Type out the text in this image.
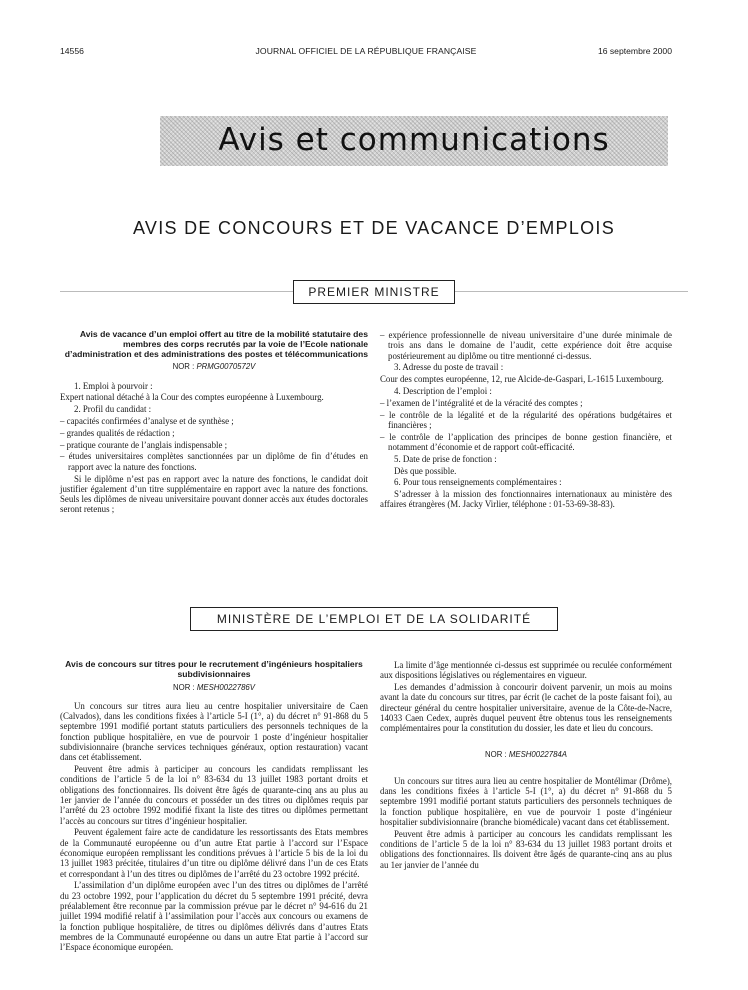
14556	JOURNAL OFFICIEL DE LA RÉPUBLIQUE FRANÇAISE	16 septembre 2000
Avis et communications
AVIS DE CONCOURS ET DE VACANCE D’EMPLOIS
PREMIER MINISTRE

Avis de vacance d’un emploi offert au titre de la mobilité statutaire des membres des corps recrutés par la voie de l’Ecole nationale d’administration et des administrations des postes et télécommunications

NOR : PRMG0070572V

1. Emploi à pourvoir :

Expert national détaché à la Cour des comptes européenne à Luxembourg.

2. Profil du candidat :

– capacités confirmées d’analyse et de synthèse ;

– grandes qualités de rédaction ;

– pratique courante de l’anglais indispensable ;

– études universitaires complètes sanctionnées par un diplôme de fin d’études en rapport avec la nature des fonctions.

Si le diplôme n’est pas en rapport avec la nature des fonctions, le candidat doit justifier également d’un titre supplémentaire en rapport avec la nature des fonctions. Seuls les diplômes de niveau universitaire pouvant donner accès aux études doctorales seront retenus ;

– expérience professionnelle de niveau universitaire d’une durée minimale de trois ans dans le domaine de l’audit, cette expérience doit être acquise postérieurement au diplôme ou titre mentionné ci-dessus.

3. Adresse du poste de travail :

Cour des comptes européenne, 12, rue Alcide-de-Gaspari, L-1615 Luxembourg.

4. Description de l’emploi :

– l’examen de l’intégralité et de la véracité des comptes ;

– le contrôle de la légalité et de la régularité des opérations budgétaires et financières ;

– le contrôle de l’application des principes de bonne gestion financière, et notamment d’économie et de rapport coût-efficacité.

5. Date de prise de fonction :

Dès que possible.

6. Pour tous renseignements complémentaires :

S’adresser à la mission des fonctionnaires internationaux au ministère des affaires étrangères (M. Jacky Virlier, téléphone : 01-53-69-38-83).

MINISTÈRE DE L’EMPLOI ET DE LA SOLIDARITÉ

Avis de concours sur titres pour le recrutement d’ingénieurs hospitaliers subdivisionnaires

NOR : MESH0022786V

Un concours sur titres aura lieu au centre hospitalier universitaire de Caen (Calvados), dans les conditions fixées à l’article 5-I (1°, a) du décret n° 91-868 du 5 septembre 1991 modifié portant statuts particuliers des personnels techniques de la fonction publique hospitalière, en vue de pourvoir 1 poste d’ingénieur hospitalier subdivisionnaire (branche services techniques généraux, option restauration) vacant dans cet établissement.

Peuvent être admis à participer au concours les candidats remplissant les conditions de l’article 5 de la loi n° 83-634 du 13 juillet 1983 portant droits et obligations des fonctionnaires. Ils doivent être âgés de quarante-cinq ans au plus au 1er janvier de l’année du concours et posséder un des titres ou diplômes requis par l’arrêté du 23 octobre 1992 modifié fixant la liste des titres ou diplômes permettant l’accès au concours sur titres d’ingénieur hospitalier.

Peuvent également faire acte de candidature les ressortissants des Etats membres de la Communauté européenne ou d’un autre Etat partie à l’accord sur l’Espace économique européen remplissant les conditions prévues à l’article 5 bis de la loi du 13 juillet 1983 précitée, titulaires d’un titre ou diplôme délivré dans l’un de ces Etats et correspondant à l’un des titres ou diplômes de l’arrêté du 23 octobre 1992 précité.

L’assimilation d’un diplôme européen avec l’un des titres ou diplômes de l’arrêté du 23 octobre 1992, pour l’application du décret du 5 septembre 1991 précité, devra préalablement être reconnue par la commission prévue par le décret n° 94-616 du 21 juillet 1994 modifié relatif à l’assimilation pour l’accès aux concours ou examens de la fonction publique hospitalière, de titres ou diplômes délivrés dans d’autres Etats membres de la Communauté européenne ou dans un autre Etat partie à l’accord sur l’Espace économique européen.

La limite d’âge mentionnée ci-dessus est supprimée ou reculée conformément aux dispositions législatives ou réglementaires en vigueur.

Les demandes d’admission à concourir doivent parvenir, un mois au moins avant la date du concours sur titres, par écrit (le cachet de la poste faisant foi), au directeur général du centre hospitalier universitaire, avenue de la Côte-de-Nacre, 14033 Caen Cedex, auprès duquel peuvent être obtenus tous les renseignements complémentaires pour la constitution du dossier, les date et lieu du concours.

NOR : MESH0022784A

Un concours sur titres aura lieu au centre hospitalier de Montélimar (Drôme), dans les conditions fixées à l’article 5-I (1°, a) du décret n° 91-868 du 5 septembre 1991 modifié portant statuts particuliers des personnels techniques de la fonction publique hospitalière, en vue de pourvoir 1 poste d’ingénieur hospitalier subdivisionnaire (branche biomédicale) vacant dans cet établissement.

Peuvent être admis à participer au concours les candidats remplissant les conditions de l’article 5 de la loi n° 83-634 du 13 juillet 1983 portant droits et obligations des fonctionnaires. Ils doivent être âgés de quarante-cinq ans au plus au 1er janvier de l’année du
